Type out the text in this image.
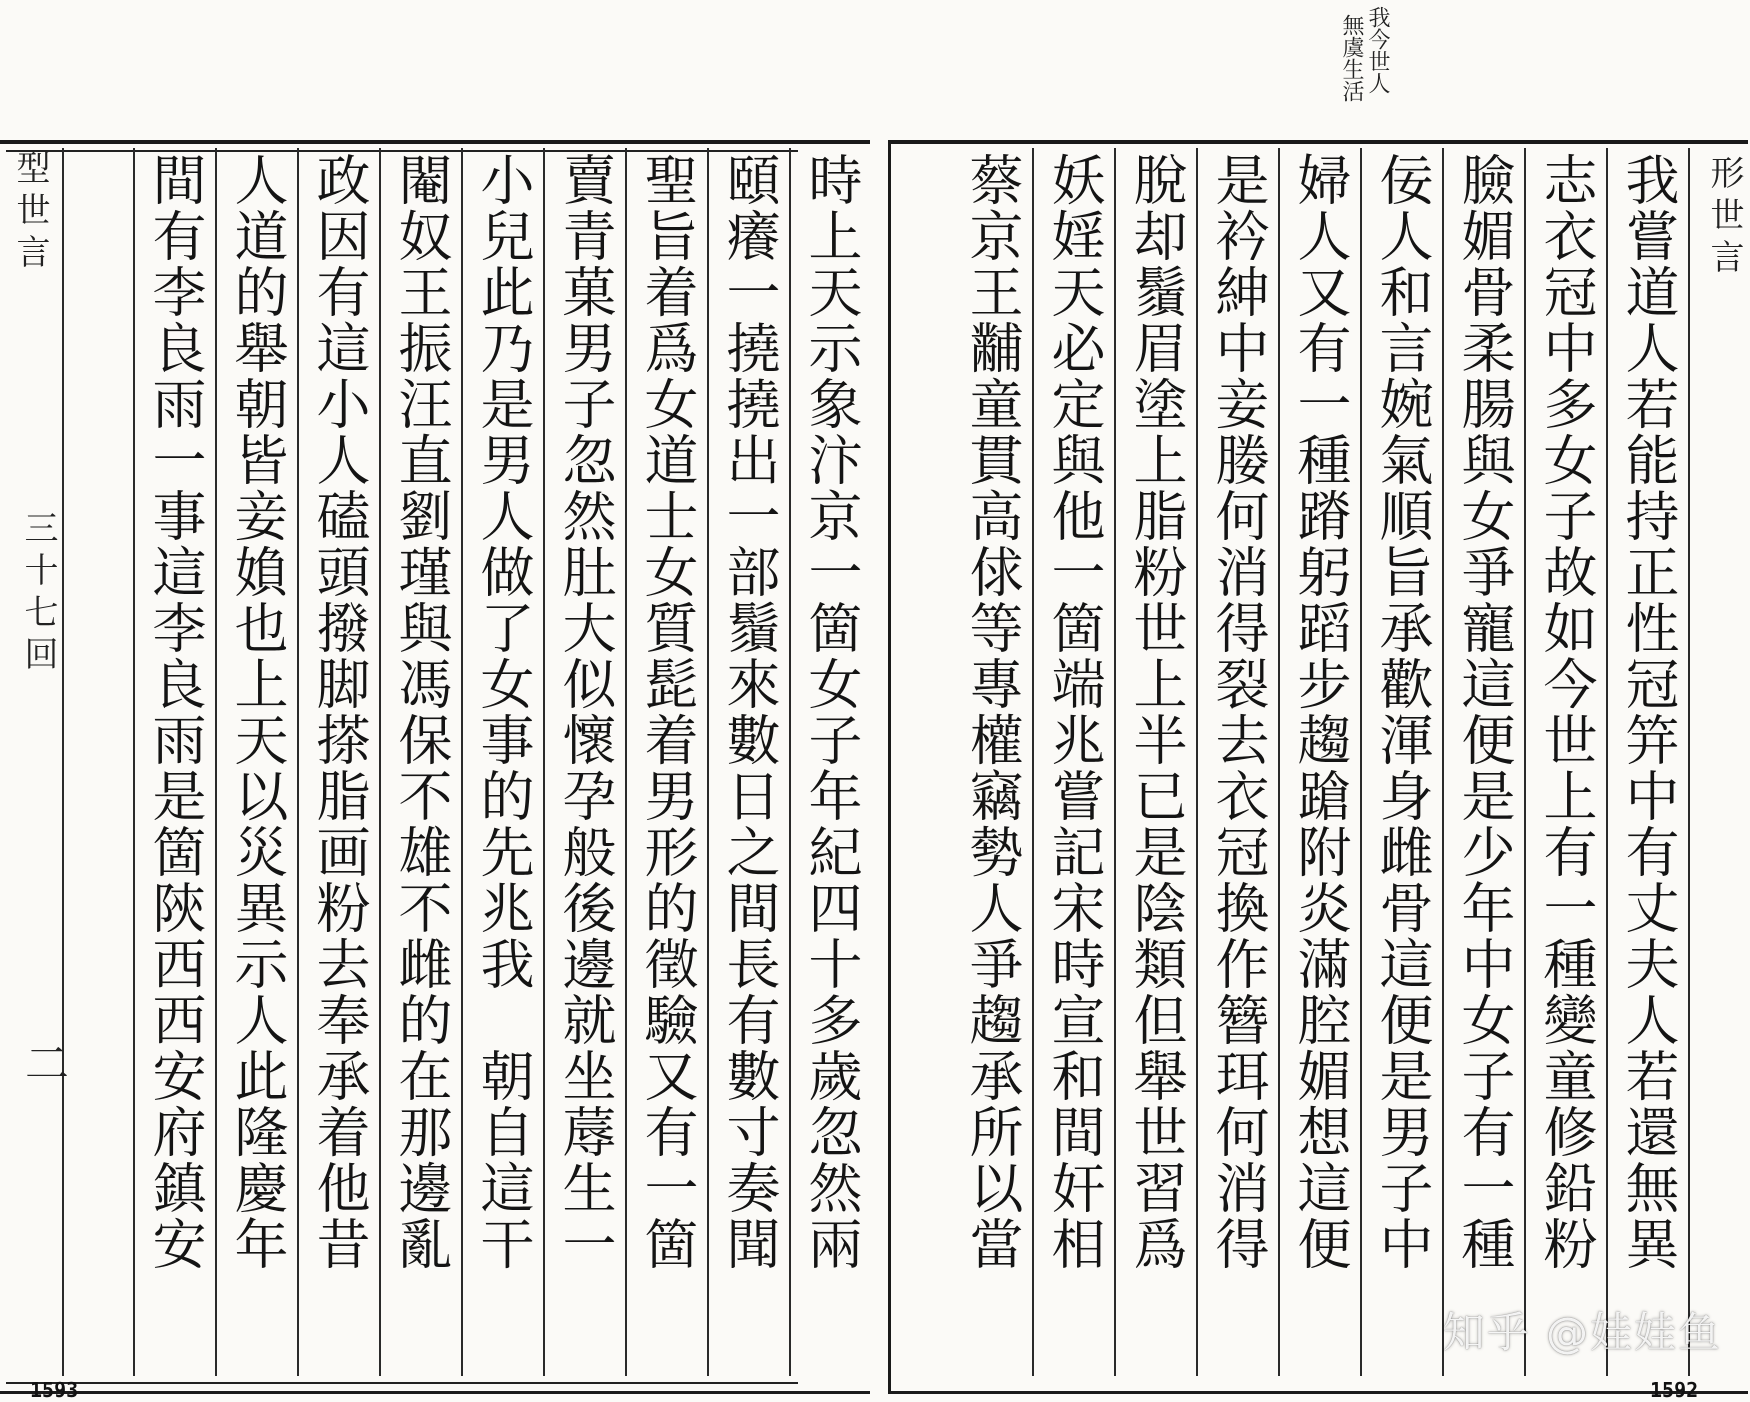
我今世人
無虞生活
形世言
我嘗道人若能持正性冠笄中有丈夫人若還無異
志衣冠中多女子故如今世上有一種變童修鉛粉
臉媚骨柔腸與女爭寵這便是少年中女子有一種
佞人和言婉氣順旨承歡渾身雌骨這便是男子中
婦人又有一種蹐躬蹈步趨蹌附炎滿腔媚想這便
是衿紳中妾媵何消得裂去衣冠換作簪珥何消得
脫却鬚眉塗上脂粉世上半已是陰類但舉世習爲
妖婬天必定與他一箇端兆嘗記宋時宣和間奸相
蔡京王黼童貫高俅等專權竊勢人爭趨承所以當
1592
時上天示象汴京一箇女子年紀四十多歲忽然兩
頤癢一撓撓出一部鬚來數日之間長有數寸奏聞
聖旨着爲女道士女質髭着男形的徵驗又有一箇
賣青菓男子忽然肚大似懷孕般後邊就坐蓐生一
小兒此乃是男人做了女事的先兆我　朝自這干
閹奴王振汪直劉瑾與馮保不雄不雌的在那邊亂
政因有這小人磕頭撥脚搽脂画粉去奉承着他昔
人道的舉朝皆妾媍也上天以災異示人此隆慶年
間有李良雨一事這李良雨是箇陝西西安府鎮安
型世言
三十七回
二
1593
知乎 @娃娃鱼
